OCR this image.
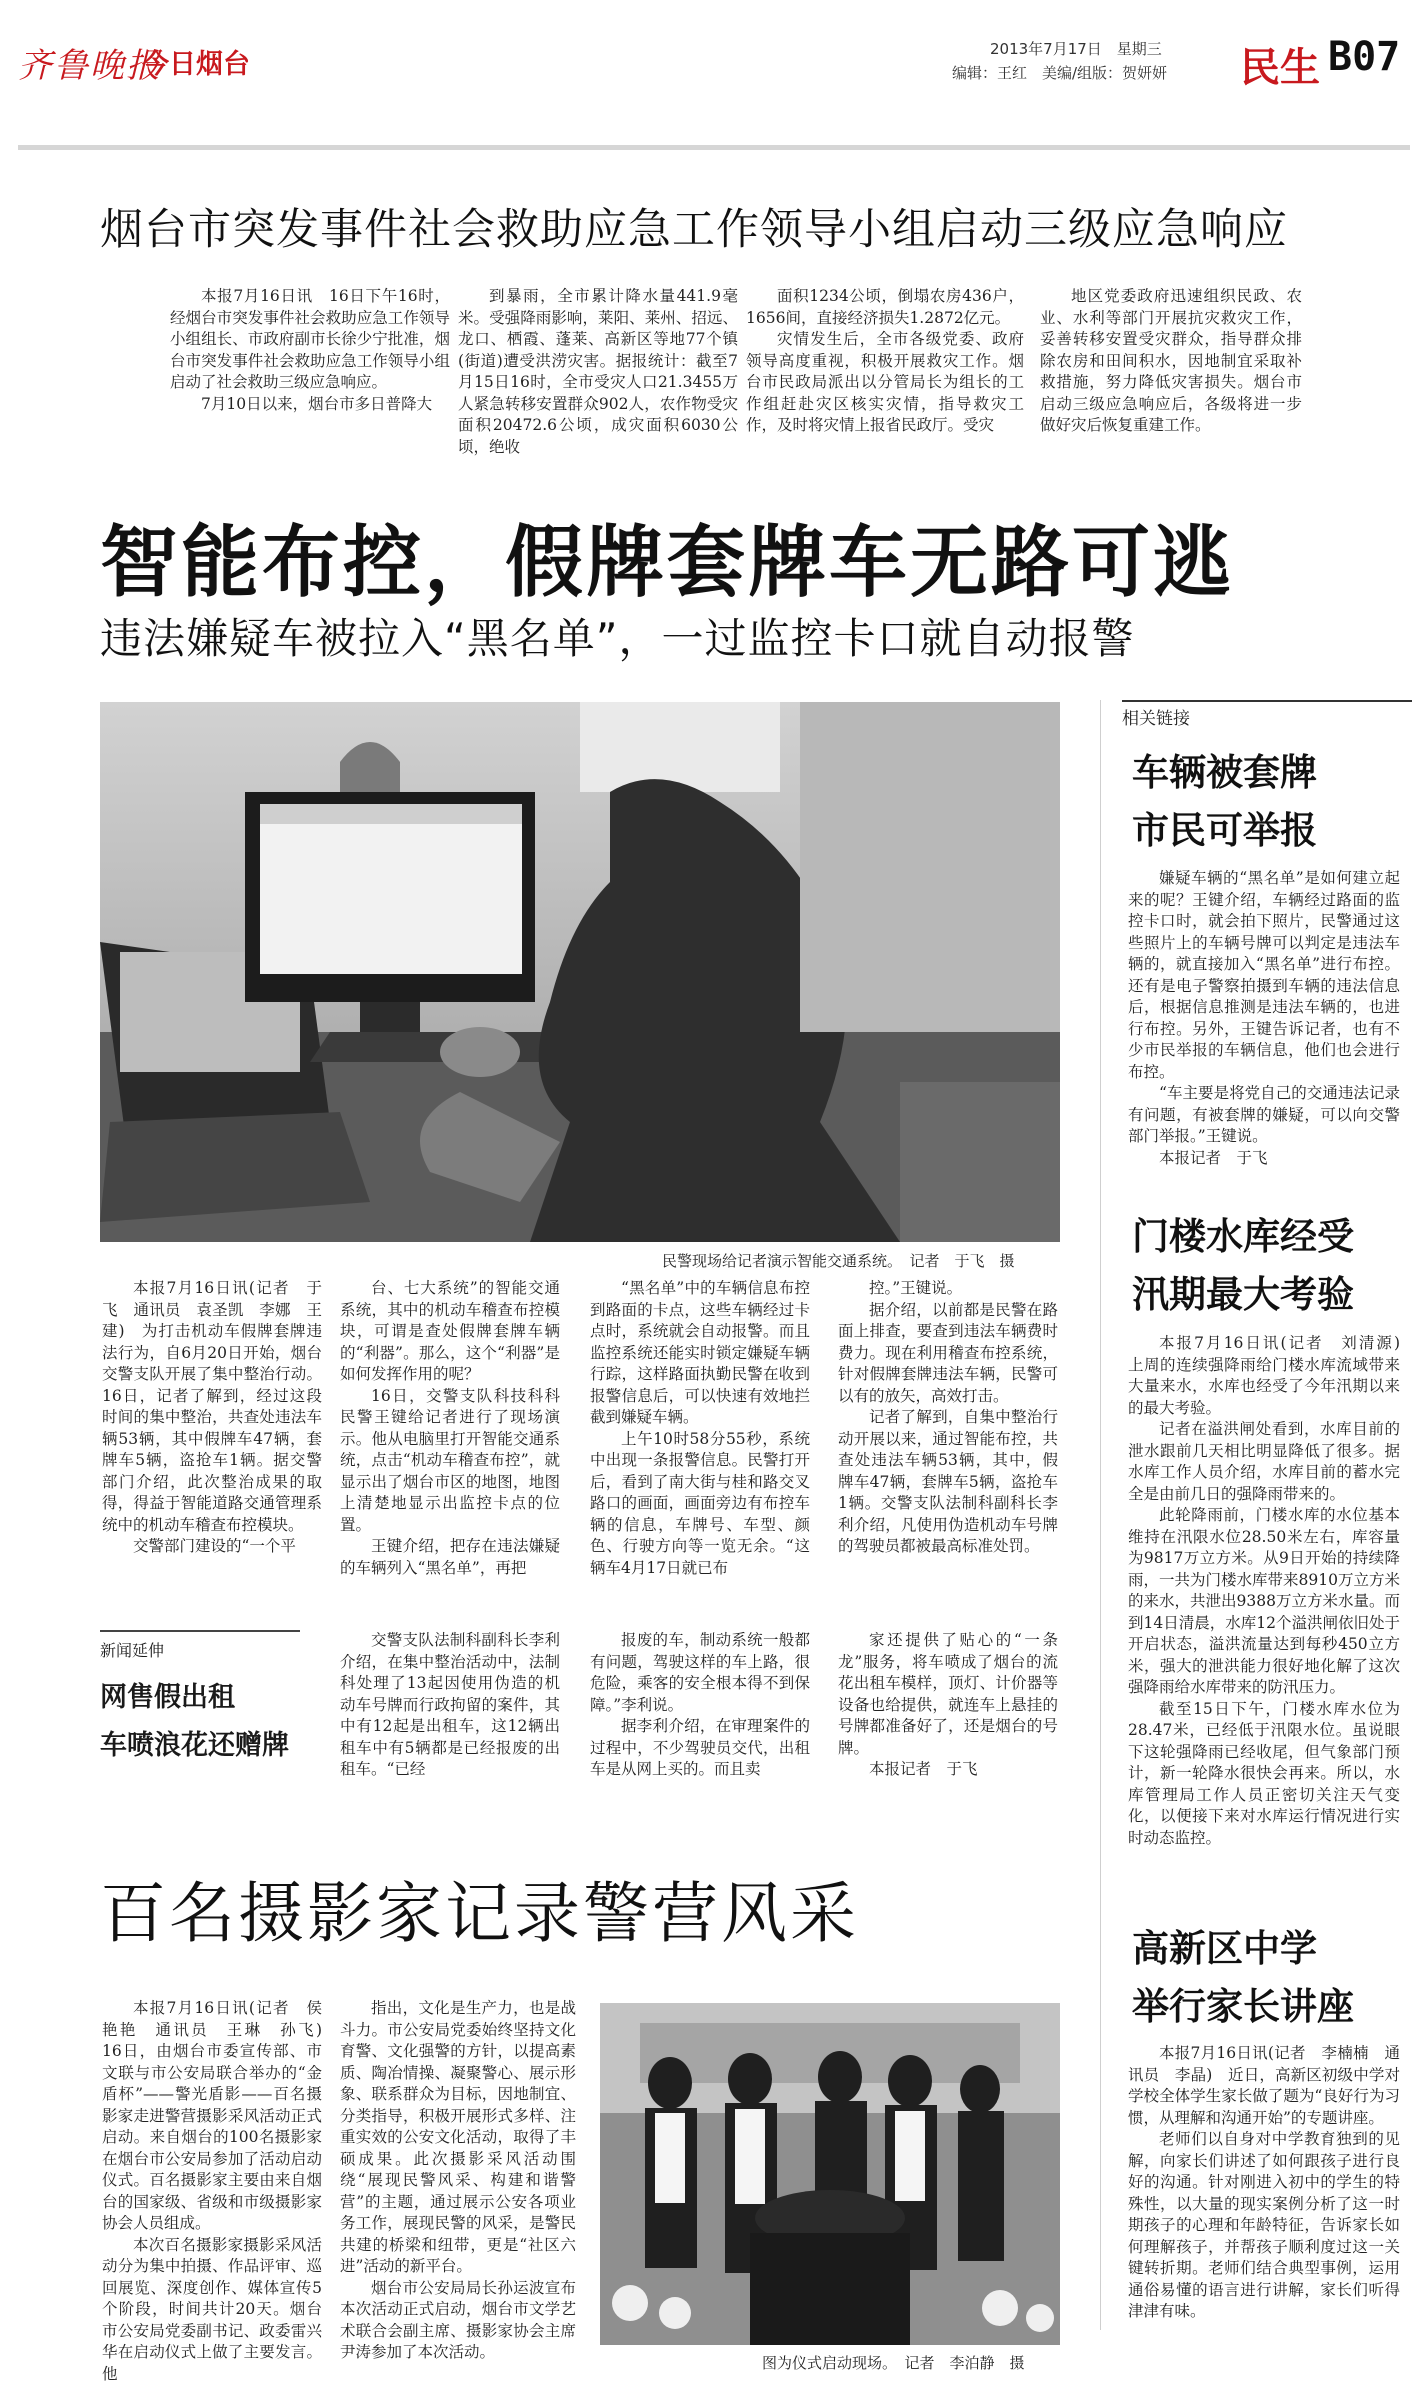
齐鲁晚报
今日烟台	2013年7月17日　星期三
编辑：王红　美编/组版：贺妍妍 民生 B07
烟台市突发事件社会救助应急工作领导小组启动三级应急响应

本报7月16日讯　16日下午16时，经烟台市突发事件社会救助应急工作领导小组组长、市政府副市长徐少宁批准，烟台市突发事件社会救助应急工作领导小组启动了社会救助三级应急响应。

7月10日以来，烟台市多日普降大

到暴雨，全市累计降水量441.9毫米。受强降雨影响，莱阳、莱州、招远、龙口、栖霞、蓬莱、高新区等地77个镇(街道)遭受洪涝灾害。据报统计：截至7月15日16时，全市受灾人口21.3455万人紧急转移安置群众902人，农作物受灾面积20472.6公顷，成灾面积6030公顷，绝收

面积1234公顷，倒塌农房436户，1656间，直接经济损失1.2872亿元。

灾情发生后，全市各级党委、政府领导高度重视，积极开展救灾工作。烟台市民政局派出以分管局长为组长的工作组赶赴灾区核实灾情，指导救灾工作，及时将灾情上报省民政厅。受灾

地区党委政府迅速组织民政、农业、水利等部门开展抗灾救灾工作，妥善转移安置受灾群众，指导群众排除农房和田间积水，因地制宜采取补救措施，努力降低灾害损失。烟台市启动三级应急响应后，各级将进一步做好灾后恢复重建工作。

智能布控，假牌套牌车无路可逃
违法嫌疑车被拉入“黑名单”，一过监控卡口就自动报警
民警现场给记者演示智能交通系统。　记者　于飞　摄

本报7月16日讯(记者　于飞　通讯员　袁圣凯　李娜　王建)　为打击机动车假牌套牌违法行为，自6月20日开始，烟台交警支队开展了集中整治行动。16日，记者了解到，经过这段时间的集中整治，共查处违法车辆53辆，其中假牌车47辆，套牌车5辆，盗抢车1辆。据交警部门介绍，此次整治成果的取得，得益于智能道路交通管理系统中的机动车稽查布控模块。

交警部门建设的“一个平

台、七大系统”的智能交通系统，其中的机动车稽查布控模块，可谓是查处假牌套牌车辆的“利器”。那么，这个“利器”是如何发挥作用的呢？

16日，交警支队科技科科民警王键给记者进行了现场演示。他从电脑里打开智能交通系统，点击“机动车稽查布控”，就显示出了烟台市区的地图，地图上清楚地显示出监控卡点的位置。

王键介绍，把存在违法嫌疑的车辆列入“黑名单”，再把

“黑名单”中的车辆信息布控到路面的卡点，这些车辆经过卡点时，系统就会自动报警。而且监控系统还能实时锁定嫌疑车辆行踪，这样路面执勤民警在收到报警信息后，可以快速有效地拦截到嫌疑车辆。

上午10时58分55秒，系统中出现一条报警信息。民警打开后，看到了南大街与桂和路交叉路口的画面，画面旁边有布控车辆的信息，车牌号、车型、颜色、行驶方向等一览无余。“这辆车4月17日就已布

控。”王键说。

据介绍，以前都是民警在路面上排查，要查到违法车辆费时费力。现在利用稽查布控系统，针对假牌套牌违法车辆，民警可以有的放矢，高效打击。

记者了解到，自集中整治行动开展以来，通过智能布控，共查处违法车辆53辆，其中，假牌车47辆，套牌车5辆，盗抢车1辆。交警支队法制科副科长李利介绍，凡使用伪造机动车号牌的驾驶员都被最高标准处罚。

新闻延伸
网售假出租
车喷浪花还赠牌

交警支队法制科副科长李利介绍，在集中整治活动中，法制科处理了13起因使用伪造的机动车号牌而行政拘留的案件，其中有12起是出租车，这12辆出租车中有5辆都是已经报废的出租车。“已经

报废的车，制动系统一般都有问题，驾驶这样的车上路，很危险，乘客的安全根本得不到保障。”李利说。

据李利介绍，在审理案件的过程中，不少驾驶员交代，出租车是从网上买的。而且卖

家还提供了贴心的“一条龙”服务，将车喷成了烟台的流花出租车模样，顶灯、计价器等设备也给提供，就连车上悬挂的号牌都准备好了，还是烟台的号牌。

本报记者　于飞

相关链接
车辆被套牌
市民可举报

嫌疑车辆的“黑名单”是如何建立起来的呢？王键介绍，车辆经过路面的监控卡口时，就会拍下照片，民警通过这些照片上的车辆号牌可以判定是违法车辆的，就直接加入“黑名单”进行布控。还有是电子警察拍摄到车辆的违法信息后，根据信息推测是违法车辆的，也进行布控。另外，王键告诉记者，也有不少市民举报的车辆信息，他们也会进行布控。

“车主要是将党自己的交通违法记录有问题，有被套牌的嫌疑，可以向交警部门举报。”王键说。

本报记者　于飞

门楼水库经受
汛期最大考验

本报7月16日讯(记者　刘清源)　上周的连续强降雨给门楼水库流域带来大量来水，水库也经受了今年汛期以来的最大考验。

记者在溢洪闸处看到，水库目前的泄水跟前几天相比明显降低了很多。据水库工作人员介绍，水库目前的蓄水完全是由前几日的强降雨带来的。

此轮降雨前，门楼水库的水位基本维持在汛限水位28.50米左右，库容量为9817万立方米。从9日开始的持续降雨，一共为门楼水库带来8910万立方米的来水，共泄出9388万立方米水量。而到14日清晨，水库12个溢洪闸依旧处于开启状态，溢洪流量达到每秒450立方米，强大的泄洪能力很好地化解了这次强降雨给水库带来的防汛压力。

截至15日下午，门楼水库水位为28.47米，已经低于汛限水位。虽说眼下这轮强降雨已经收尾，但气象部门预计，新一轮降水很快会再来。所以，水库管理局工作人员正密切关注天气变化，以便接下来对水库运行情况进行实时动态监控。

高新区中学
举行家长讲座

本报7月16日讯(记者　李楠楠　通讯员　李晶)　近日，高新区初级中学对学校全体学生家长做了题为“良好行为习惯，从理解和沟通开始”的专题讲座。

老师们以自身对中学教育独到的见解，向家长们讲述了如何跟孩子进行良好的沟通。针对刚进入初中的学生的特殊性，以大量的现实案例分析了这一时期孩子的心理和年龄特征，告诉家长如何理解孩子，并帮孩子顺利度过这一关键转折期。老师们结合典型事例，运用通俗易懂的语言进行讲解，家长们听得津津有味。

百名摄影家记录警营风采

本报7月16日讯(记者　侯艳艳　通讯员　王琳　孙飞)　16日，由烟台市委宣传部、市文联与市公安局联合举办的“金盾杯”——警光盾影——百名摄影家走进警营摄影采风活动正式启动。来自烟台的100名摄影家在烟台市公安局参加了活动启动仪式。百名摄影家主要由来自烟台的国家级、省级和市级摄影家协会人员组成。

本次百名摄影家摄影采风活动分为集中拍摄、作品评审、巡回展览、深度创作、媒体宣传5个阶段，时间共计20天。烟台市公安局党委副书记、政委雷兴华在启动仪式上做了主要发言。他

指出，文化是生产力，也是战斗力。市公安局党委始终坚持文化育警、文化强警的方针，以提高素质、陶冶情操、凝聚警心、展示形象、联系群众为目标，因地制宜、分类指导，积极开展形式多样、注重实效的公安文化活动，取得了丰硕成果。此次摄影采风活动围绕“展现民警风采、构建和谐警营”的主题，通过展示公安各项业务工作，展现民警的风采，是警民共建的桥梁和纽带，更是“社区六进”活动的新平台。

烟台市公安局局长孙运波宣布本次活动正式启动，烟台市文学艺术联合会副主席、摄影家协会主席尹涛参加了本次活动。

图为仪式启动现场。　记者　李泊静　摄
